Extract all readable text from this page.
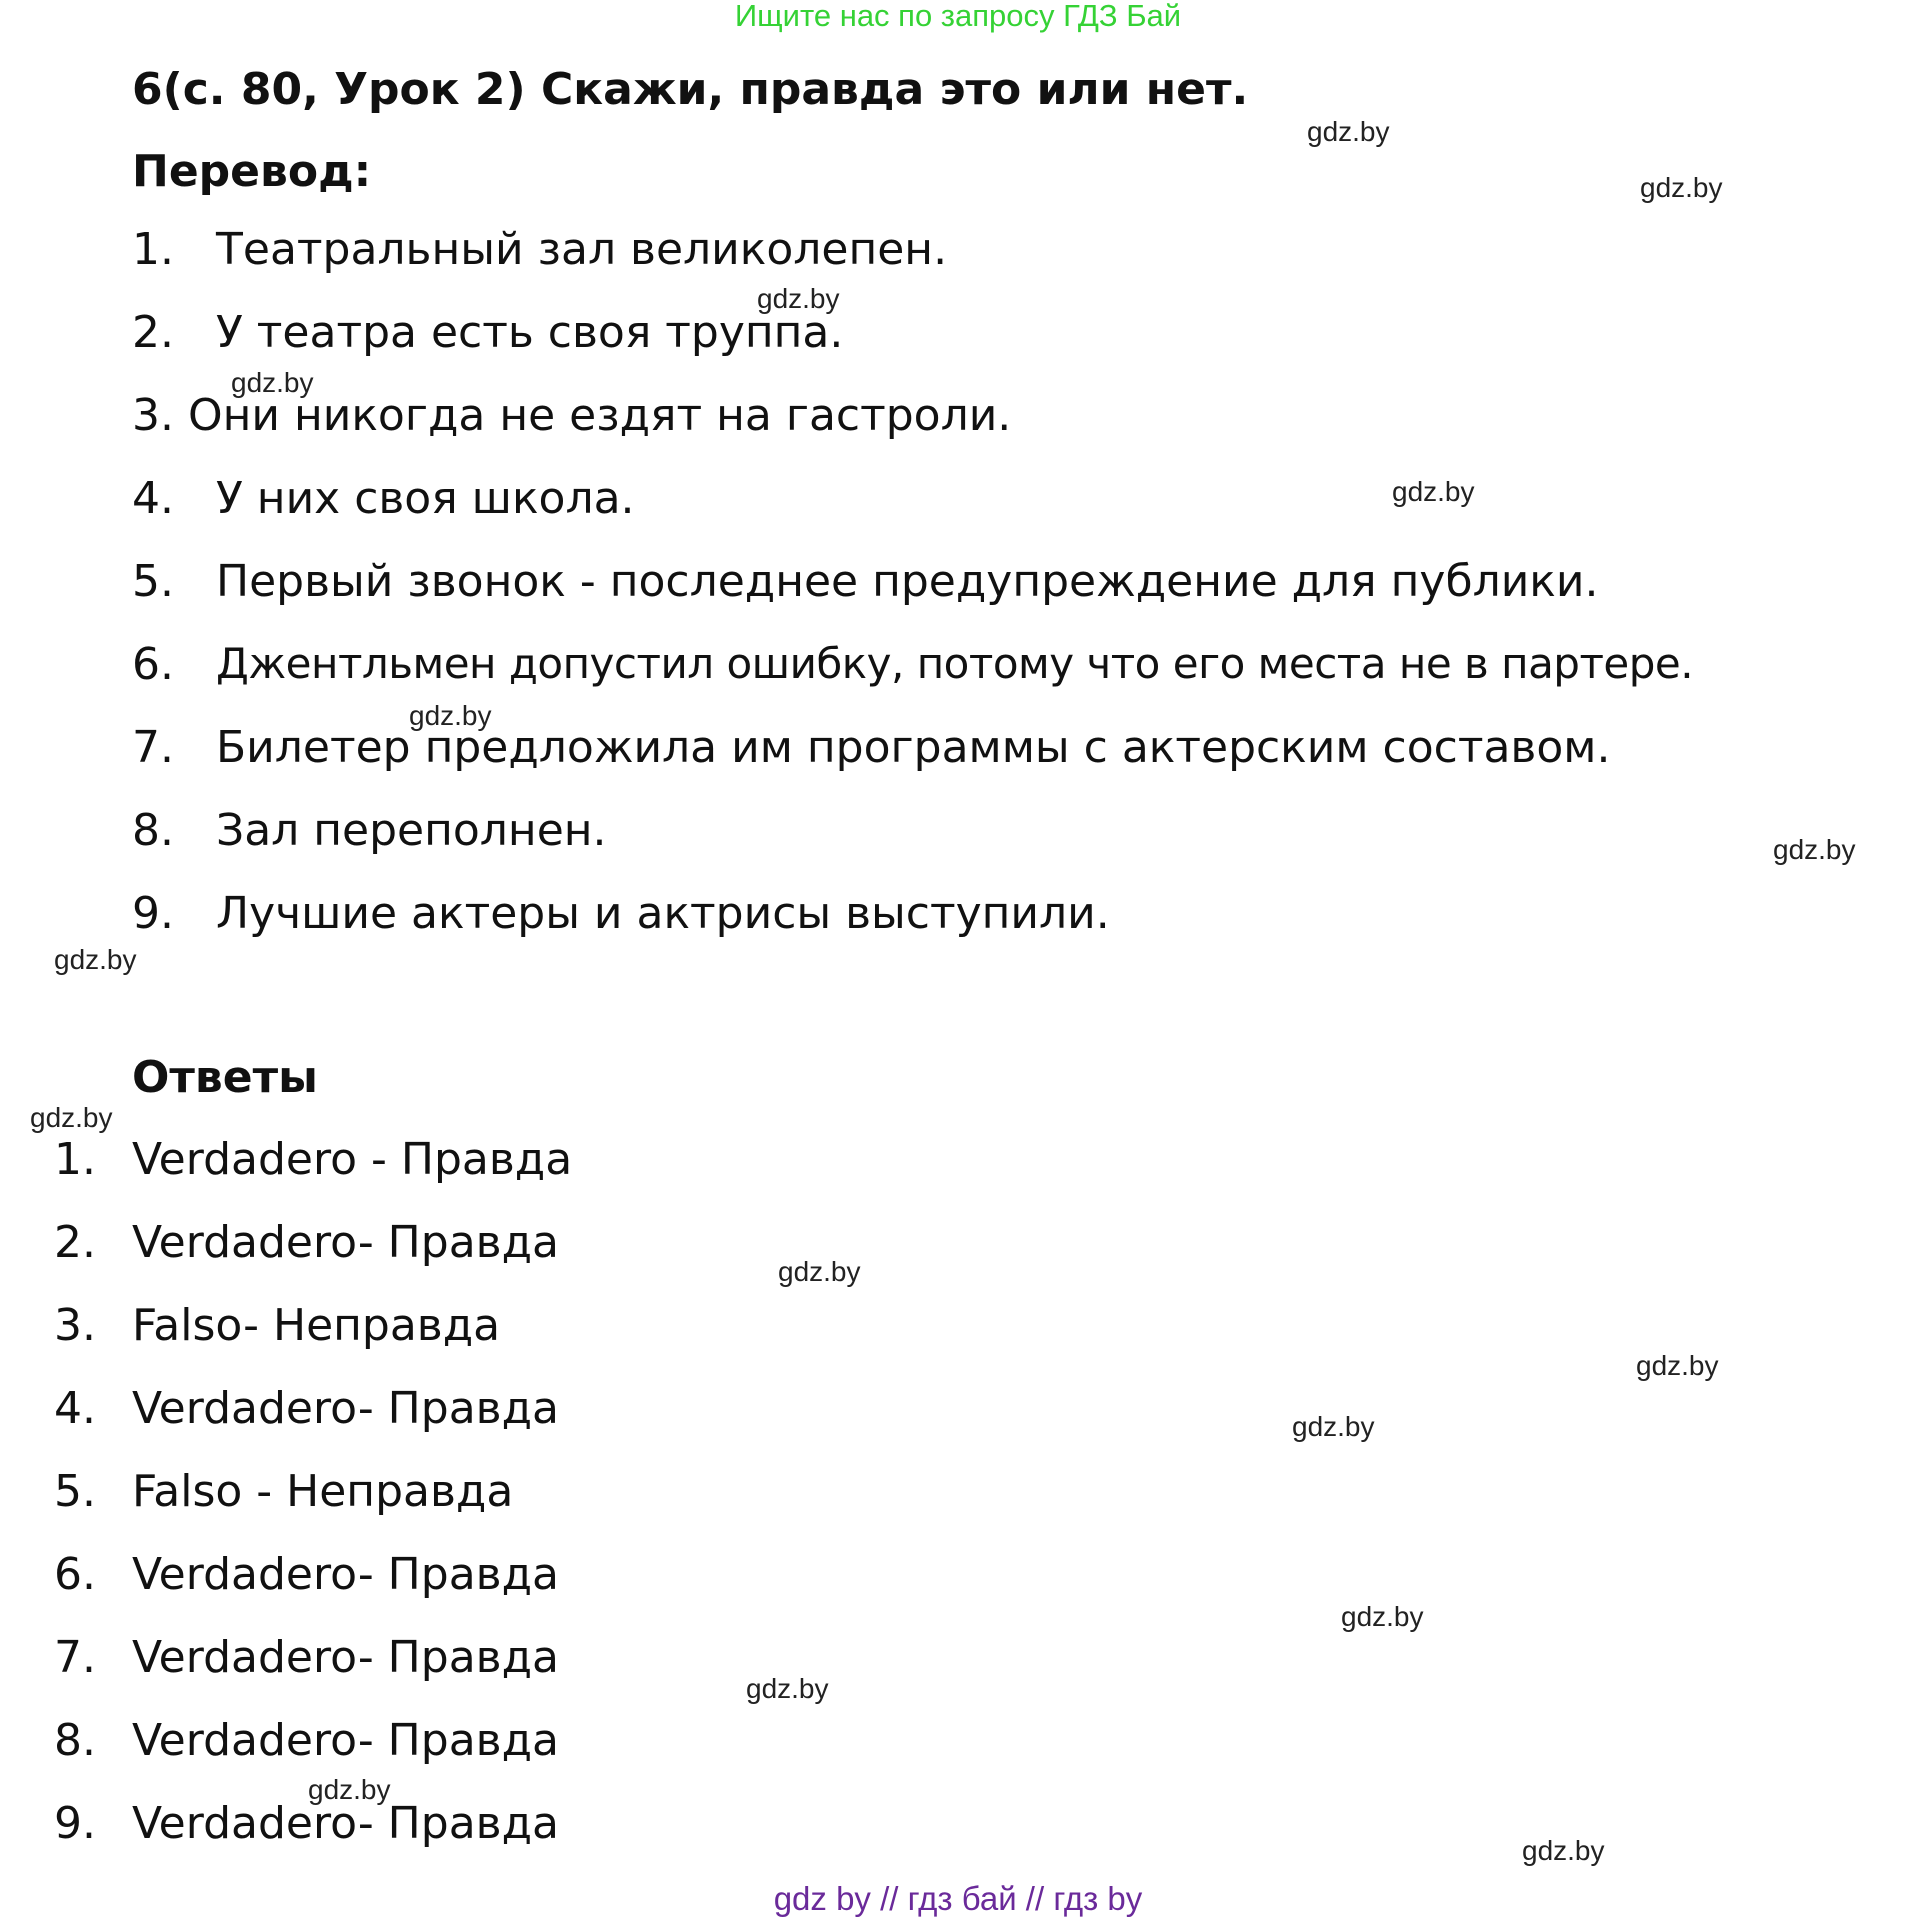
Ищите нас по запросу ГДЗ Бай
6(с. 80, Урок 2) Скажи, правда это или нет.
Перевод:
1. Театральный зал великолепен.
2. У театра есть своя труппа.
3. Они никогда не ездят на гастроли.
4. У них своя школа.
5. Первый звонок - последнее предупреждение для публики.
6. Джентльмен допустил ошибку, потому что его места не в партере.
7. Билетер предложила им программы с актерским составом.
8. Зал переполнен.
9. Лучшие актеры и актрисы выступили.
Ответы
1. Verdadero - Правда
2. Verdadero- Правда
3. Falso- Неправда
4. Verdadero- Правда
5. Falso - Неправда
6. Verdadero- Правда
7. Verdadero- Правда
8. Verdadero- Правда
9. Verdadero- Правда
gdz.by
gdz.by
gdz.by
gdz.by
gdz.by
gdz.by
gdz.by
gdz.by
gdz.by
gdz.by
gdz.by
gdz.by
gdz.by
gdz.by
gdz.by
gdz.by
gdz by // гдз бай // гдз by
